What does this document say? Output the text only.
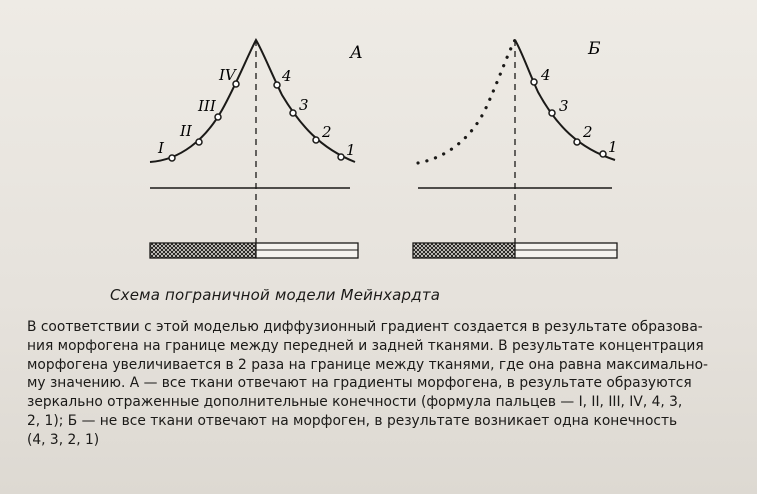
А
I
II
III
IV	4
3
2
1
Б
4
3
2
1
Схема пограничной модели Мейнхардта
В соответствии с этой моделью диффузионный градиент создается в результате образова-
ния морфогена на границе между передней и задней тканями. В результате концентрация
морфогена увеличивается в 2 раза на границе между тканями, где она равна максимально-
му значению. А — все ткани отвечают на градиенты морфогена, в результате образуются
зеркально отраженные дополнительные конечности (формула пальцев — I, II, III, IV, 4, 3,
2, 1); Б — не все ткани отвечают на морфоген, в результате возникает одна конечность
(4, 3, 2, 1)
